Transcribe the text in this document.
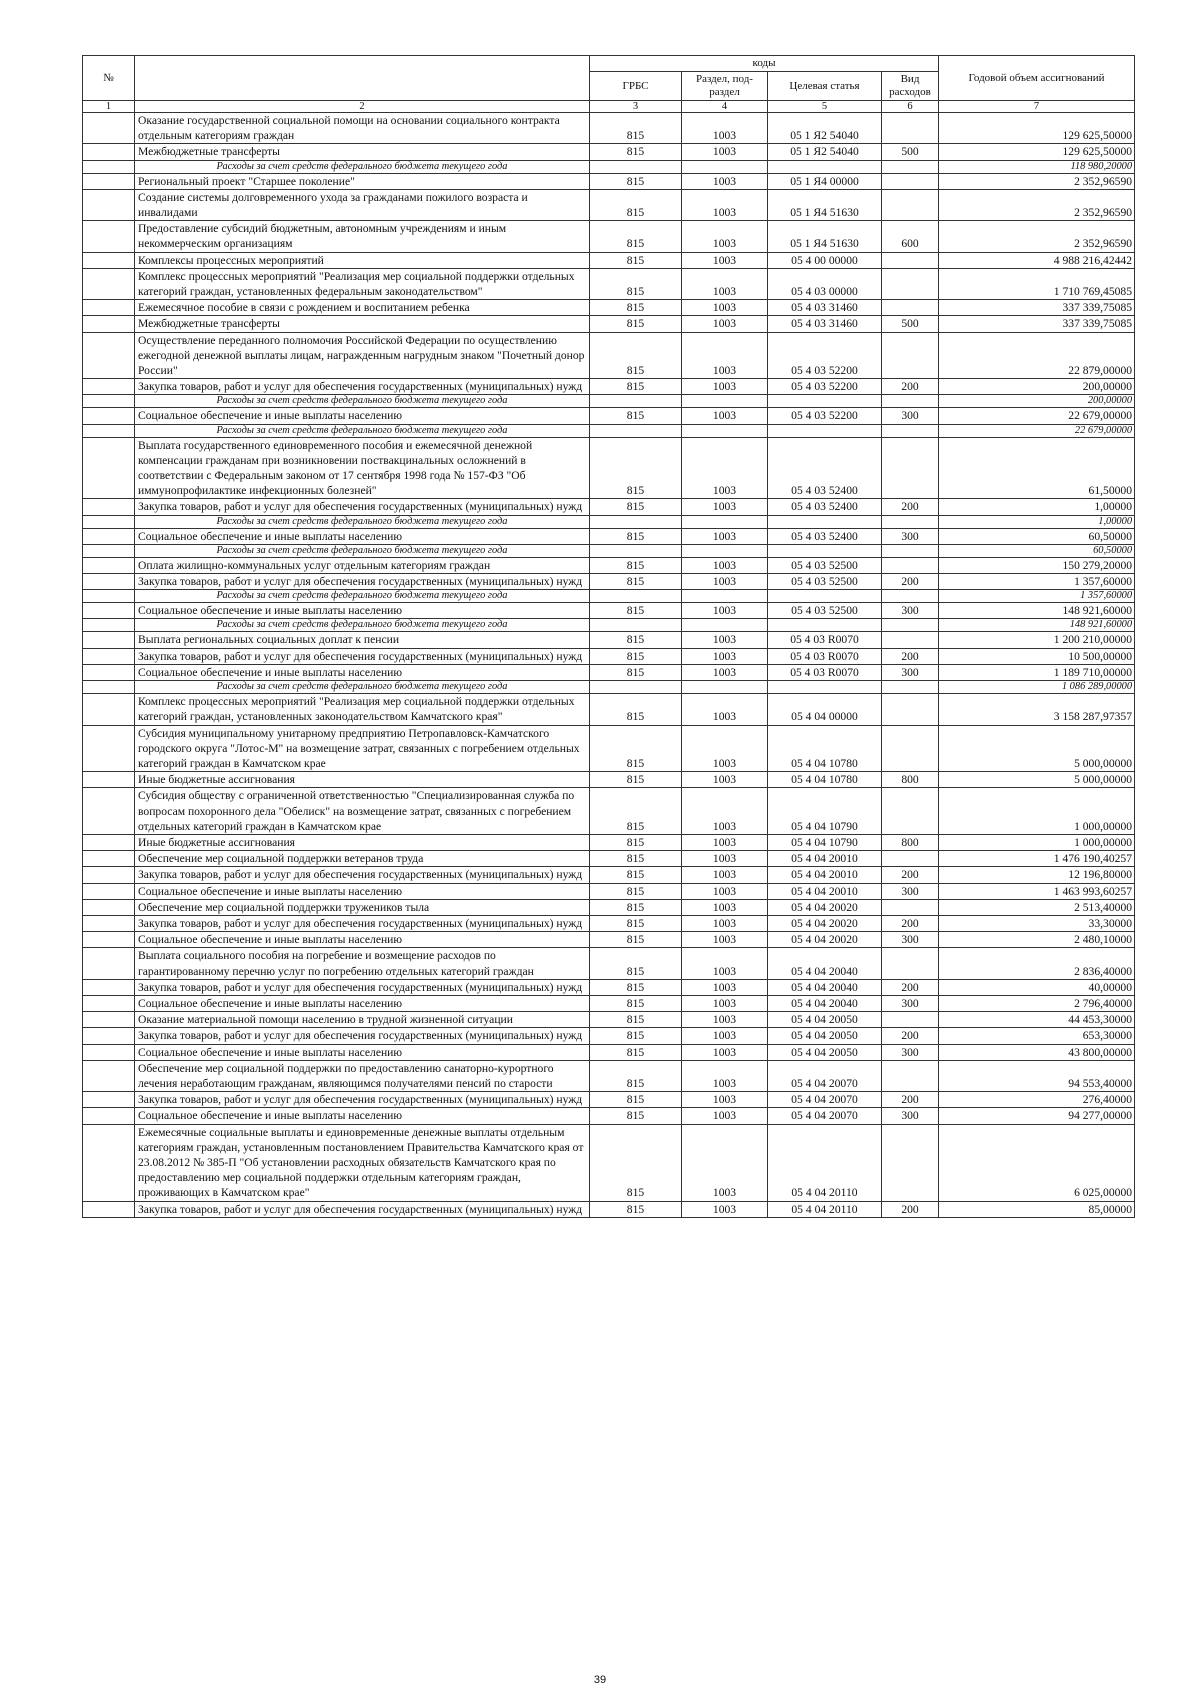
№		коды				Годовой объем ассигнований
		ГРБС	Раздел, под-раздел	Целевая статья	Вид расходов	
1	2	3	4	5	6	7
	Оказание государственной социальной помощи на основании социального контракта отдельным категориям граждан	815	1003	05 1 Я2 54040		129 625,50000
	Межбюджетные трансферты	815	1003	05 1 Я2 54040	500	129 625,50000
	Расходы за счет средств федерального бюджета текущего года					118 980,20000
	Региональный проект "Старшее поколение"	815	1003	05 1 Я4 00000		2 352,96590
	Создание системы долговременного ухода за гражданами пожилого возраста и инвалидами	815	1003	05 1 Я4 51630		2 352,96590
	Предоставление субсидий бюджетным, автономным учреждениям и иным некоммерческим организациям	815	1003	05 1 Я4 51630	600	2 352,96590
	Комплексы процессных мероприятий	815	1003	05 4 00 00000		4 988 216,42442
	Комплекс процессных мероприятий "Реализация мер социальной поддержки отдельных категорий граждан, установленных федеральным законодательством"	815	1003	05 4 03 00000		1 710 769,45085
	Ежемесячное пособие в связи с рождением и воспитанием ребенка	815	1003	05 4 03 31460		337 339,75085
	Межбюджетные трансферты	815	1003	05 4 03 31460	500	337 339,75085
	Осуществление переданного полномочия Российской Федерации по осуществлению ежегодной денежной выплаты лицам, награжденным нагрудным знаком "Почетный донор России"	815	1003	05 4 03 52200		22 879,00000
	Закупка товаров, работ и услуг для обеспечения государственных (муниципальных) нужд	815	1003	05 4 03 52200	200	200,00000
	Расходы за счет средств федерального бюджета текущего года					200,00000
	Социальное обеспечение и иные выплаты населению	815	1003	05 4 03 52200	300	22 679,00000
	Расходы за счет средств федерального бюджета текущего года					22 679,00000
	Выплата государственного единовременного пособия и ежемесячной денежной компенсации гражданам при возникновении поствакцинальных осложнений в соответствии с Федеральным законом от 17 сентября 1998 года № 157-ФЗ "Об иммунопрофилактике инфекционных болезней"	815	1003	05 4 03 52400		61,50000
	Закупка товаров, работ и услуг для обеспечения государственных (муниципальных) нужд	815	1003	05 4 03 52400	200	1,00000
	Расходы за счет средств федерального бюджета текущего года					1,00000
	Социальное обеспечение и иные выплаты населению	815	1003	05 4 03 52400	300	60,50000
	Расходы за счет средств федерального бюджета текущего года					60,50000
	Оплата жилищно-коммунальных услуг отдельным категориям граждан	815	1003	05 4 03 52500		150 279,20000
	Закупка товаров, работ и услуг для обеспечения государственных (муниципальных) нужд	815	1003	05 4 03 52500	200	1 357,60000
	Расходы за счет средств федерального бюджета текущего года					1 357,60000
	Социальное обеспечение и иные выплаты населению	815	1003	05 4 03 52500	300	148 921,60000
	Расходы за счет средств федерального бюджета текущего года					148 921,60000
	Выплата региональных социальных доплат к пенсии	815	1003	05 4 03 R0070		1 200 210,00000
	Закупка товаров, работ и услуг для обеспечения государственных (муниципальных) нужд	815	1003	05 4 03 R0070	200	10 500,00000
	Социальное обеспечение и иные выплаты населению	815	1003	05 4 03 R0070	300	1 189 710,00000
	Расходы за счет средств федерального бюджета текущего года					1 086 289,00000
	Комплекс процессных мероприятий "Реализация мер социальной поддержки отдельных категорий граждан, установленных законодательством Камчатского края"	815	1003	05 4 04 00000		3 158 287,97357
	Субсидия муниципальному унитарному предприятию Петропавловск-Камчатского городского округа "Лотос-М" на возмещение затрат, связанных с погребением отдельных категорий граждан в Камчатском крае	815	1003	05 4 04 10780		5 000,00000
	Иные бюджетные ассигнования	815	1003	05 4 04 10780	800	5 000,00000
	Субсидия обществу с ограниченной ответственностью "Специализированная служба по вопросам похоронного дела "Обелиск" на возмещение затрат, связанных с погребением отдельных категорий граждан в Камчатском крае	815	1003	05 4 04 10790		1 000,00000
	Иные бюджетные ассигнования	815	1003	05 4 04 10790	800	1 000,00000
	Обеспечение мер социальной поддержки ветеранов труда	815	1003	05 4 04 20010		1 476 190,40257
	Закупка товаров, работ и услуг для обеспечения государственных (муниципальных) нужд	815	1003	05 4 04 20010	200	12 196,80000
	Социальное обеспечение и иные выплаты населению	815	1003	05 4 04 20010	300	1 463 993,60257
	Обеспечение мер социальной поддержки тружеников тыла	815	1003	05 4 04 20020		2 513,40000
	Закупка товаров, работ и услуг для обеспечения государственных (муниципальных) нужд	815	1003	05 4 04 20020	200	33,30000
	Социальное обеспечение и иные выплаты населению	815	1003	05 4 04 20020	300	2 480,10000
	Выплата социального пособия на погребение и возмещение расходов по гарантированному перечню услуг по погребению отдельных категорий граждан	815	1003	05 4 04 20040		2 836,40000
	Закупка товаров, работ и услуг для обеспечения государственных (муниципальных) нужд	815	1003	05 4 04 20040	200	40,00000
	Социальное обеспечение и иные выплаты населению	815	1003	05 4 04 20040	300	2 796,40000
	Оказание материальной помощи населению в трудной жизненной ситуации	815	1003	05 4 04 20050		44 453,30000
	Закупка товаров, работ и услуг для обеспечения государственных (муниципальных) нужд	815	1003	05 4 04 20050	200	653,30000
	Социальное обеспечение и иные выплаты населению	815	1003	05 4 04 20050	300	43 800,00000
	Обеспечение мер социальной поддержки по предоставлению санаторно-курортного лечения неработающим гражданам, являющимся получателями пенсий по старости	815	1003	05 4 04 20070		94 553,40000
	Закупка товаров, работ и услуг для обеспечения государственных (муниципальных) нужд	815	1003	05 4 04 20070	200	276,40000
	Социальное обеспечение и иные выплаты населению	815	1003	05 4 04 20070	300	94 277,00000
	Ежемесячные социальные выплаты и единовременные денежные выплаты отдельным категориям граждан, установленным постановлением Правительства Камчатского края от 23.08.2012 № 385-П "Об установлении расходных обязательств Камчатского края по предоставлению мер социальной поддержки отдельным категориям граждан, проживающих в Камчатском крае"	815	1003	05 4 04 20110		6 025,00000
	Закупка товаров, работ и услуг для обеспечения государственных (муниципальных) нужд	815	1003	05 4 04 20110	200	85,00000
39
